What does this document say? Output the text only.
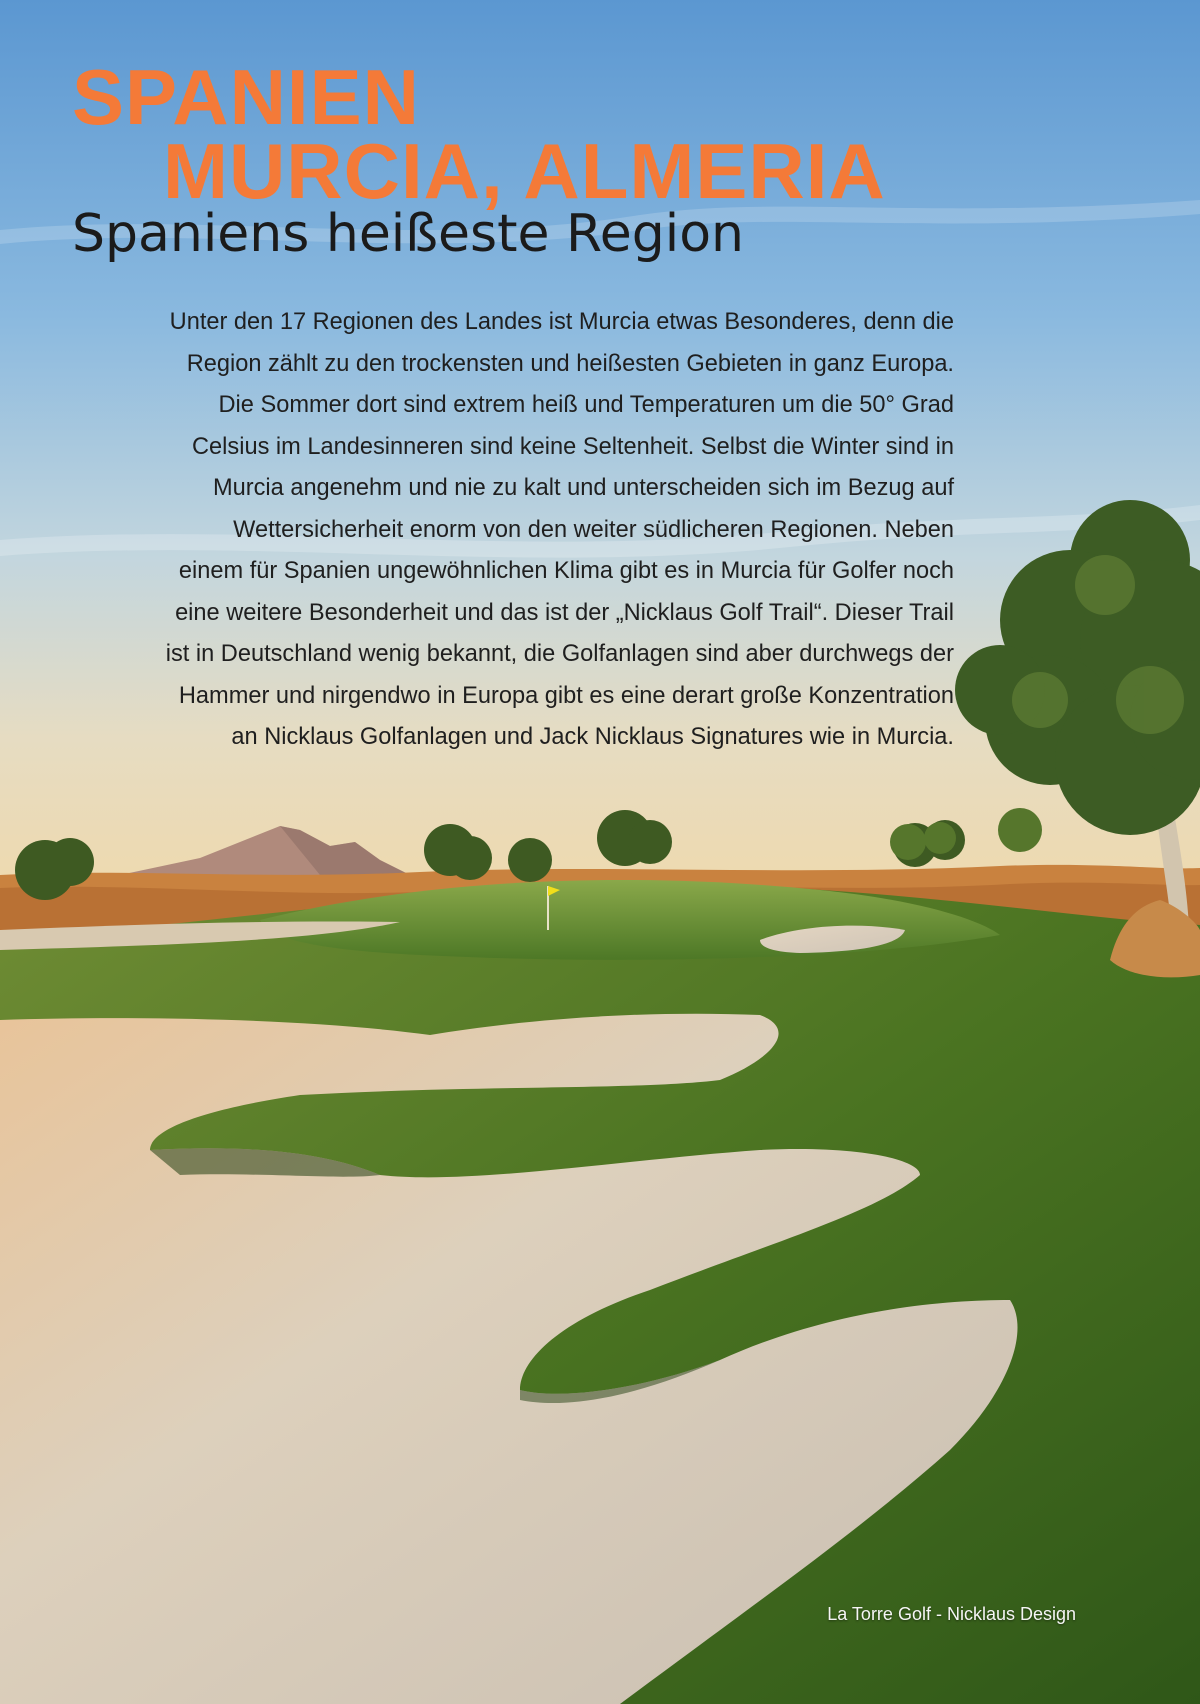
SPANIEN
MURCIA, ALMERIA
Spaniens heißeste Region

Unter den 17 Regionen des Landes ist Murcia etwas Besonderes, denn die
Region zählt zu den trockensten und heißesten Gebieten in ganz Europa.
Die Sommer dort sind extrem heiß und Temperaturen um die 50° Grad
Celsius im Landesinneren sind keine Seltenheit. Selbst die Winter sind in
Murcia angenehm und nie zu kalt und unterscheiden sich im Bezug auf
Wettersicherheit enorm von den weiter südlicheren Regionen. Neben
einem für Spanien ungewöhnlichen Klima gibt es in Murcia für Golfer noch
eine weitere Besonderheit und das ist der „Nicklaus Golf Trail“. Dieser Trail
ist in Deutschland wenig bekannt, die Golfanlagen sind aber durchwegs der
Hammer und nirgendwo in Europa gibt es eine derart große Konzentration
an Nicklaus Golfanlagen und Jack Nicklaus Signatures wie in Murcia.

La Torre Golf - Nicklaus Design
